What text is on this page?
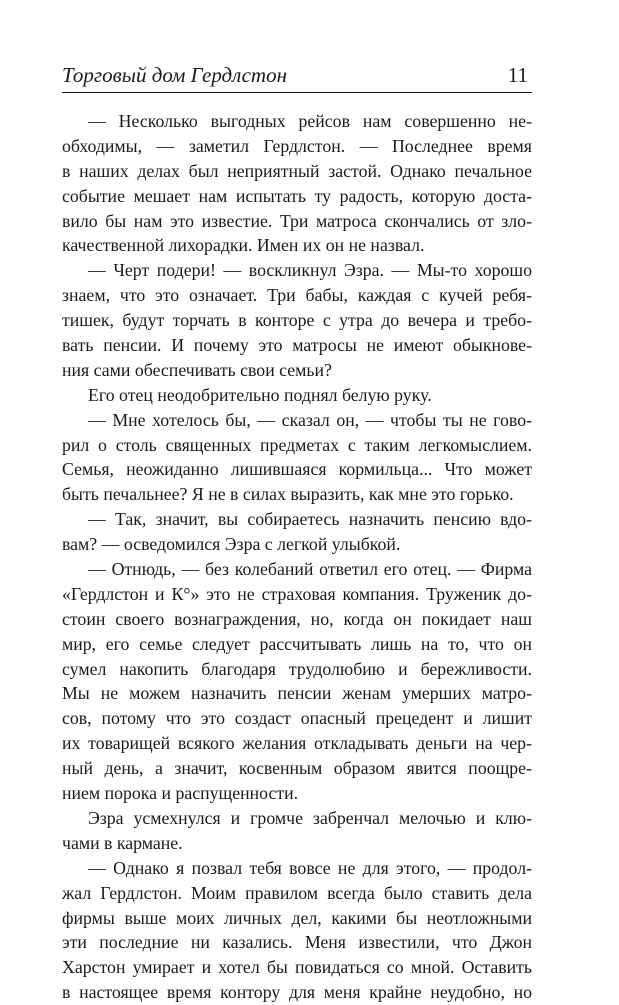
Торговый дом Гердлстон	11
— Несколько выгодных рейсов нам совершенно не-
обходимы, — заметил Гердлстон. — Последнее время
в наших делах был неприятный застой. Однако печальное
событие мешает нам испытать ту радость, которую доста-
вило бы нам это известие. Три матроса скончались от зло-
качественной лихорадки. Имен их он не назвал.
— Черт подери! — воскликнул Эзра. — Мы-то хорошо
знаем, что это означает. Три бабы, каждая с кучей ребя-
тишек, будут торчать в конторе с утра до вечера и требо-
вать пенсии. И почему это матросы не имеют обыкнове-
ния сами обеспечивать свои семьи?
Его отец неодобрительно поднял белую руку.
— Мне хотелось бы, — сказал он, — чтобы ты не гово-
рил о столь священных предметах с таким легкомыслием.
Семья, неожиданно лишившаяся кормильца... Что может
быть печальнее? Я не в силах выразить, как мне это горько.
— Так, значит, вы собираетесь назначить пенсию вдо-
вам? — осведомился Эзра с легкой улыбкой.
— Отнюдь, — без колебаний ответил его отец. — Фирма
«Гердлстон и К°» это не страховая компания. Труженик до-
стоин своего вознаграждения, но, когда он покидает наш
мир, его семье следует рассчитывать лишь на то, что он
сумел накопить благодаря трудолюбию и бережливости.
Мы не можем назначить пенсии женам умерших матро-
сов, потому что это создаст опасный прецедент и лишит
их товарищей всякого желания откладывать деньги на чер-
ный день, а значит, косвенным образом явится поощре-
нием порока и распущенности.
Эзра усмехнулся и громче забренчал мелочью и клю-
чами в кармане.
— Однако я позвал тебя вовсе не для этого, — продол-
жал Гердлстон. Моим правилом всегда было ставить дела
фирмы выше моих личных дел, какими бы неотложными
эти последние ни казались. Меня известили, что Джон
Харстон умирает и хотел бы повидаться со мной. Оставить
в настоящее время контору для меня крайне неудобно, но
